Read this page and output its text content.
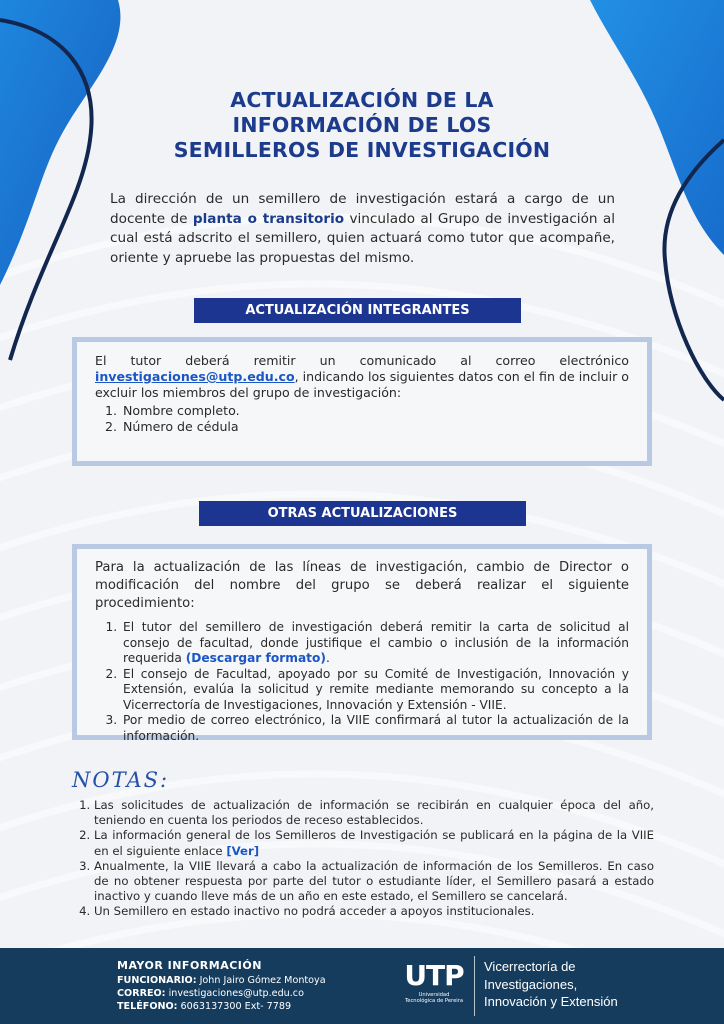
ACTUALIZACIÓN DE LA
INFORMACIÓN DE LOS
SEMILLEROS DE INVESTIGACIÓN
La dirección de un semillero de investigación estará a cargo de un docente de planta o transitorio vinculado al Grupo de investigación al cual está adscrito el semillero, quien actuará como tutor que acompañe, oriente y apruebe las propuestas del mismo.
ACTUALIZACIÓN INTEGRANTES
El tutor deberá remitir un comunicado al correo electrónico investigaciones@utp.edu.co, indicando los siguientes datos con el fin de incluir o excluir los miembros del grupo de investigación:
1. Nombre completo.
2. Número de cédula
OTRAS ACTUALIZACIONES
Para la actualización de las líneas de investigación, cambio de Director o modificación del nombre del grupo se deberá realizar el siguiente procedimiento:
1. El tutor del semillero de investigación deberá remitir la carta de solicitud al consejo de facultad, donde justifique el cambio o inclusión de la información requerida (Descargar formato).
2. El consejo de Facultad, apoyado por su Comité de Investigación, Innovación y Extensión, evalúa la solicitud y remite mediante memorando su concepto a la Vicerrectoría de Investigaciones, Innovación y Extensión - VIIE.
3. Por medio de correo electrónico, la VIIE confirmará al tutor la actualización de la información.
NOTAS:
1. Las solicitudes de actualización de información se recibirán en cualquier época del año, teniendo en cuenta los periodos de receso establecidos.
2. La información general de los Semilleros de Investigación se publicará en la página de la VIIE en el siguiente enlace [Ver]
3. Anualmente, la VIIE llevará a cabo la actualización de información de los Semilleros. En caso de no obtener respuesta por parte del tutor o estudiante líder, el Semillero pasará a estado inactivo y cuando lleve más de un año en este estado, el Semillero se cancelará.
4. Un Semillero en estado inactivo no podrá acceder a apoyos institucionales.
MAYOR INFORMACIÓN
FUNCIONARIO: John Jairo Gómez Montoya
CORREO: investigaciones@utp.edu.co
TELÉFONO: 6063137300 Ext- 7789
UTP
Universidad Tecnológica de Pereira
Vicerrectoría de
Investigaciones,
Innovación y Extensión
